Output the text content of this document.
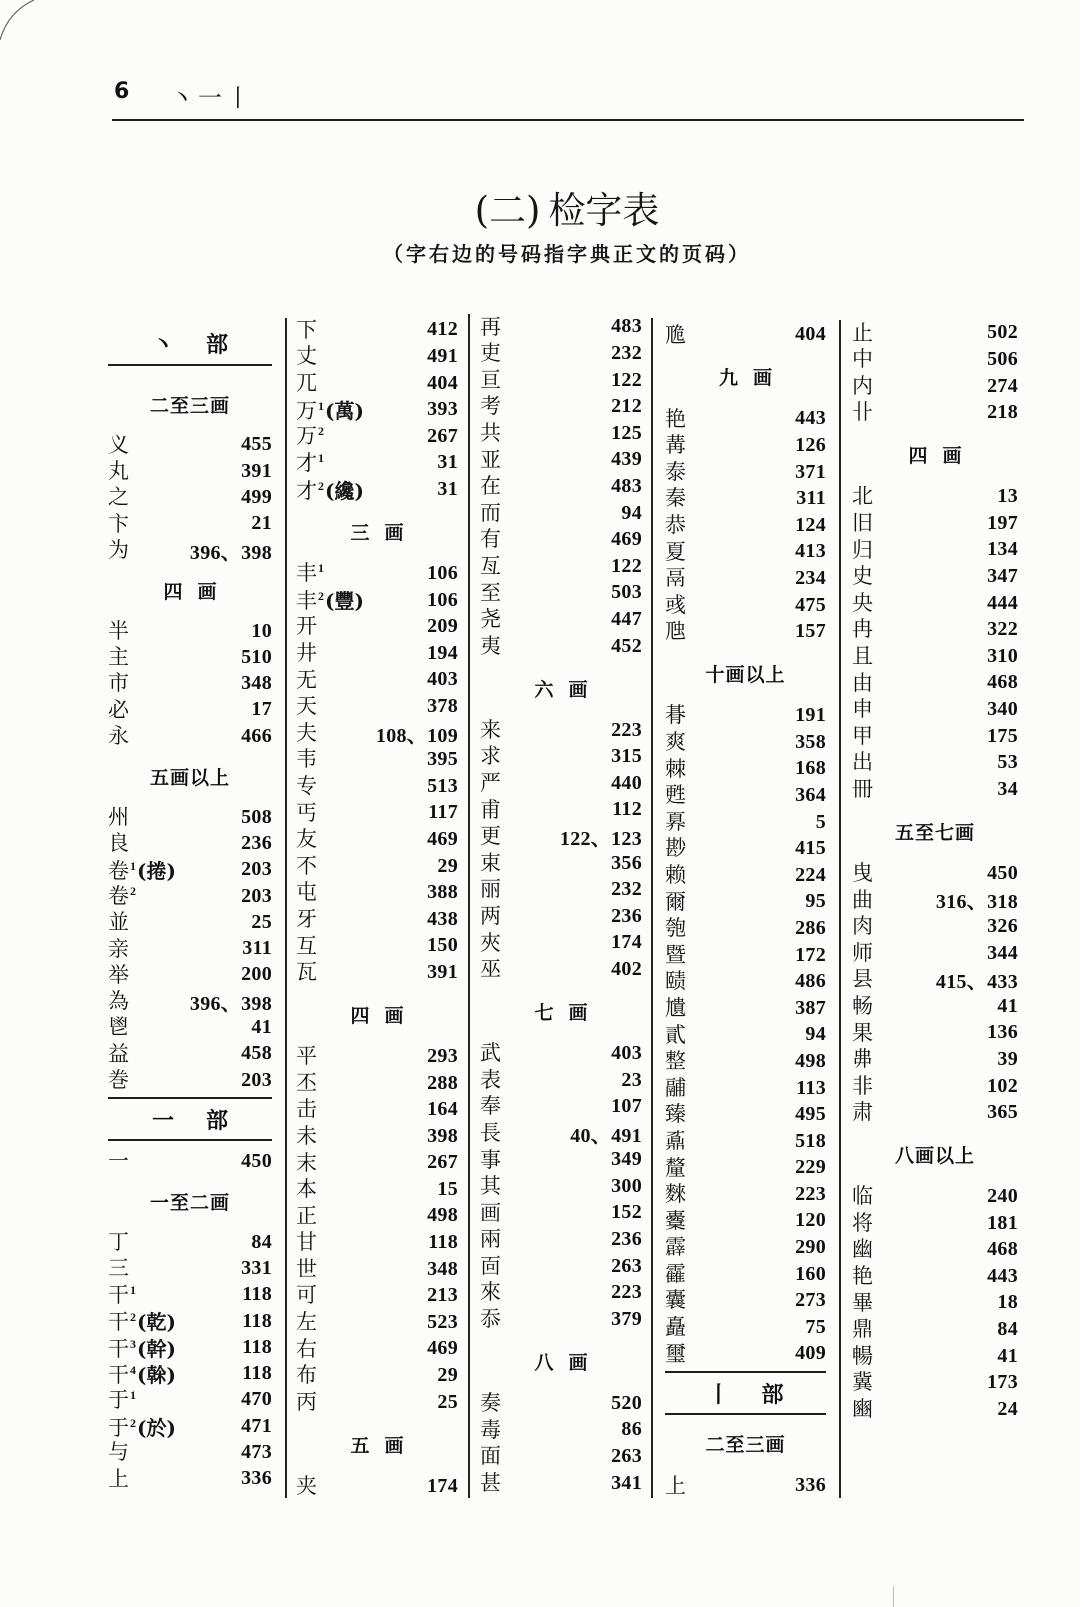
6 丶一丨
(二) 检字表
（字右边的号码指字典正文的页码）
丶 部
二至三画
义	455
丸	391
之	499
卞	21
为	396、398
四画
半	10
主	510
市	348
必	17
永	466
五画以上
州	508
良	236
卷 1 (捲)	203
卷 2	203
並	25
亲	311
举	200
為	396、398
鬯	41
益	458
巻	203
一 部
一	450
一至二画
丁	84
三	331
干 1	118
干 2 (乾)	118
干 3 (幹)	118
干 4 (榦)	118
于 1	470
于 2 (於)	471
与	473
上	336
下	412
丈	491
兀	404
万 1 (萬)	393
万 2	267
才 1	31
才 2 (纔)	31
三画
丰 1	106
丰 2 (豐)	106
开	209
井	194
无	403
天	378
夫	108、109
韦	395
专	513
丐	117
友	469
不	29
屯	388
牙	438
互	150
瓦	391
四画
平	293
丕	288
击	164
未	398
末	267
本	15
正	498
甘	118
世	348
可	213
左	523
右	469
布	29
丙	25
五画
夹	174
再	483
吏	232
亘	122
考	212
共	125
亚	439
在	483
而	94
有	469
亙	122
至	503
尧	447
夷	452
六画
来	223
求	315
严	440
甫	112
更	122、123
束	356
丽	232
两	236
夾	174
巫	402
七画
武	403
表	23
奉	107
長	40、491
事	349
其	300
画	152
兩	236
靣	263
來	223
忝	379
八画
奏	520
毒	86
面	263
甚	341
卼	404
九画
艳	443
冓	126
泰	371
秦	311
恭	124
夏	413
鬲	234
彧	475
虺	157
十画以上
朞	191
爽	358
棘	168
甦	364
奡	5
尠	415
赖	224
爾	95
匏	286
暨	172
赜	486
尵	387
貳	94
整	498
鬴	113
臻	495
鼒	518
釐	229
麳	223
櫜	120
霹	290
靃	160
囊	273
矗	75
璽	409
丨 部
二至三画
上	336
止	502
中	506
内	274
卝	218
四画
北	13
旧	197
归	134
史	347
央	444
冉	322
且	310
由	468
申	340
甲	175
出	53
冊	34
五至七画
曳	450
曲	316、318
肉	326
师	344
县	415、433
畅	41
果	136
丳	39
非	102
肃	365
八画以上
临	240
将	181
幽	468
艳	443
畢	18
鼎	84
暢	41
冀	173
豳	24
